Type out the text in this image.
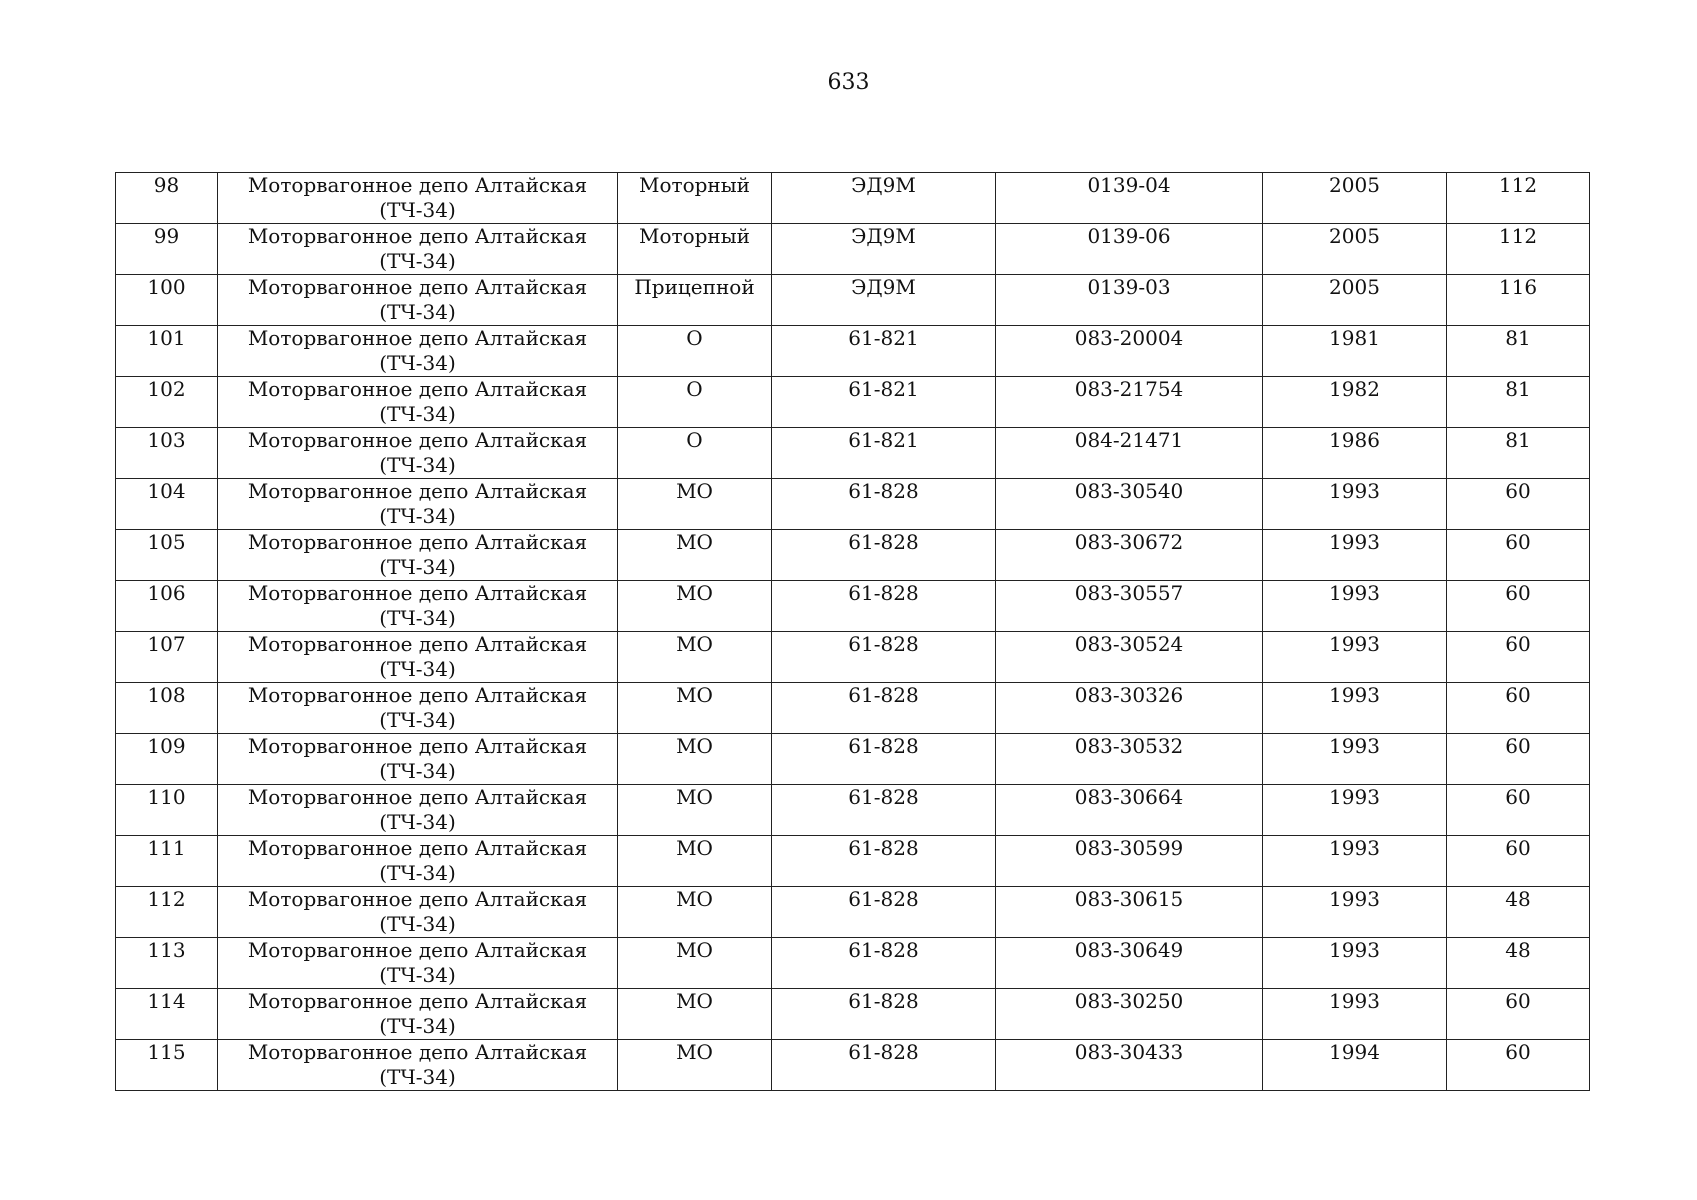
633
98	Моторвагонное депо Алтайская (ТЧ-34)	Моторный	ЭД9М	0139-04	2005	112
99	Моторвагонное депо Алтайская (ТЧ-34)	Моторный	ЭД9М	0139-06	2005	112
100	Моторвагонное депо Алтайская (ТЧ-34)	Прицепной	ЭД9М	0139-03	2005	116
101	Моторвагонное депо Алтайская (ТЧ-34)	О	61-821	083-20004	1981	81
102	Моторвагонное депо Алтайская (ТЧ-34)	О	61-821	083-21754	1982	81
103	Моторвагонное депо Алтайская (ТЧ-34)	О	61-821	084-21471	1986	81
104	Моторвагонное депо Алтайская (ТЧ-34)	МО	61-828	083-30540	1993	60
105	Моторвагонное депо Алтайская (ТЧ-34)	МО	61-828	083-30672	1993	60
106	Моторвагонное депо Алтайская (ТЧ-34)	МО	61-828	083-30557	1993	60
107	Моторвагонное депо Алтайская (ТЧ-34)	МО	61-828	083-30524	1993	60
108	Моторвагонное депо Алтайская (ТЧ-34)	МО	61-828	083-30326	1993	60
109	Моторвагонное депо Алтайская (ТЧ-34)	МО	61-828	083-30532	1993	60
110	Моторвагонное депо Алтайская (ТЧ-34)	МО	61-828	083-30664	1993	60
111	Моторвагонное депо Алтайская (ТЧ-34)	МО	61-828	083-30599	1993	60
112	Моторвагонное депо Алтайская (ТЧ-34)	МО	61-828	083-30615	1993	48
113	Моторвагонное депо Алтайская (ТЧ-34)	МО	61-828	083-30649	1993	48
114	Моторвагонное депо Алтайская (ТЧ-34)	МО	61-828	083-30250	1993	60
115	Моторвагонное депо Алтайская (ТЧ-34)	МО	61-828	083-30433	1994	60
